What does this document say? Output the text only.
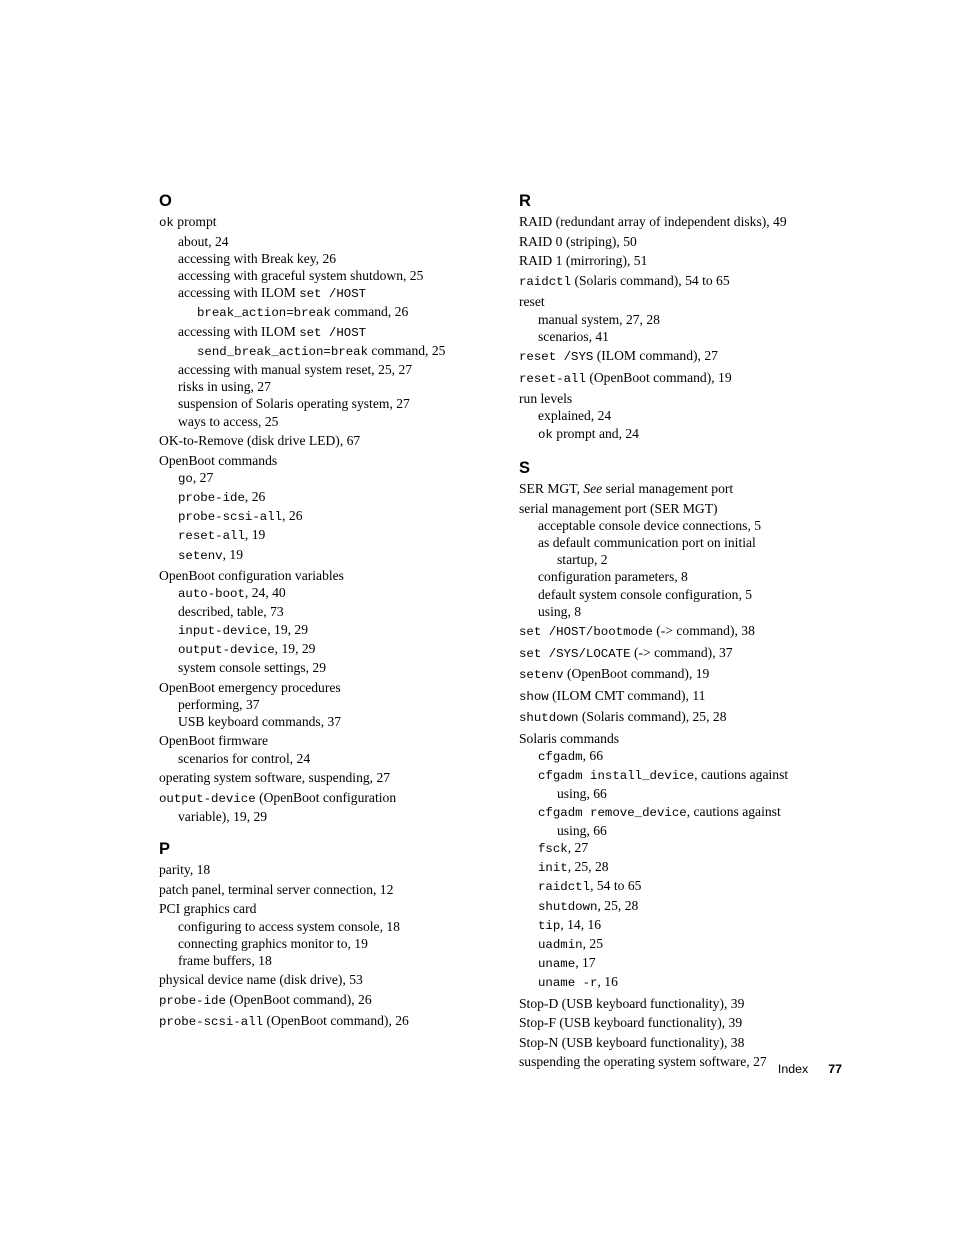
O
ok prompt
about, 24
accessing with Break key, 26
accessing with graceful system shutdown, 25
accessing with ILOM set /HOST
break_action=break command, 26
accessing with ILOM set /HOST
send_break_action=break command, 25
accessing with manual system reset, 25, 27
risks in using, 27
suspension of Solaris operating system, 27
ways to access, 25
OK-to-Remove (disk drive LED), 67
OpenBoot commands
go, 27
probe-ide, 26
probe-scsi-all, 26
reset-all, 19
setenv, 19
OpenBoot configuration variables
auto-boot, 24, 40
described, table, 73
input-device, 19, 29
output-device, 19, 29
system console settings, 29
OpenBoot emergency procedures
performing, 37
USB keyboard commands, 37
OpenBoot firmware
scenarios for control, 24
operating system software, suspending, 27
output-device (OpenBoot configuration
variable), 19, 29
P
parity, 18
patch panel, terminal server connection, 12
PCI graphics card
configuring to access system console, 18
connecting graphics monitor to, 19
frame buffers, 18
physical device name (disk drive), 53
probe-ide (OpenBoot command), 26
probe-scsi-all (OpenBoot command), 26
R
RAID (redundant array of independent disks), 49
RAID 0 (striping), 50
RAID 1 (mirroring), 51
raidctl (Solaris command), 54 to 65
reset
manual system, 27, 28
scenarios, 41
reset /SYS (ILOM command), 27
reset-all (OpenBoot command), 19
run levels
explained, 24
ok prompt and, 24
S
SER MGT, See serial management port
serial management port (SER MGT)
acceptable console device connections, 5
as default communication port on initial
startup, 2
configuration parameters, 8
default system console configuration, 5
using, 8
set /HOST/bootmode (-> command), 38
set /SYS/LOCATE (-> command), 37
setenv (OpenBoot command), 19
show (ILOM CMT command), 11
shutdown (Solaris command), 25, 28
Solaris commands
cfgadm, 66
cfgadm install_device, cautions against
using, 66
cfgadm remove_device, cautions against
using, 66
fsck, 27
init, 25, 28
raidctl, 54 to 65
shutdown, 25, 28
tip, 14, 16
uadmin, 25
uname, 17
uname -r, 16
Stop-D (USB keyboard functionality), 39
Stop-F (USB keyboard functionality), 39
Stop-N (USB keyboard functionality), 38
suspending the operating system software, 27 Index 77
